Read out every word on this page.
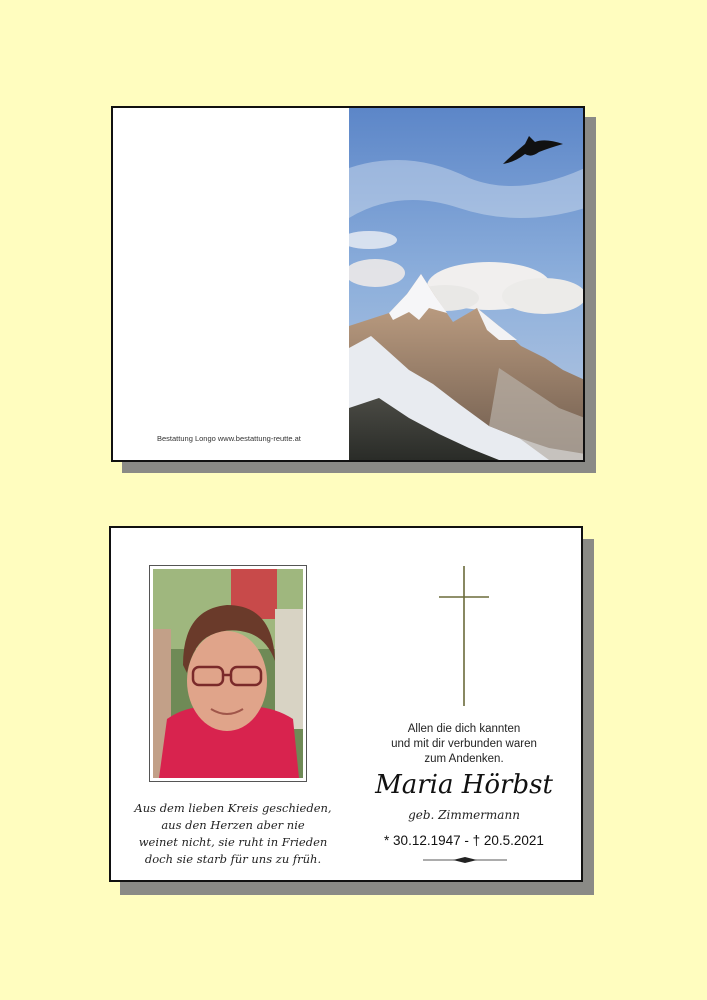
Bestattung Longo www.bestattung-reutte.at
Aus dem lieben Kreis geschieden,
aus den Herzen aber nie
weinet nicht, sie ruht in Frieden
doch sie starb für uns zu früh.
Allen die dich kannten
und mit dir verbunden waren
zum Andenken.
Maria Hörbst
geb. Zimmermann
* 30.12.1947 - † 20.5.2021
